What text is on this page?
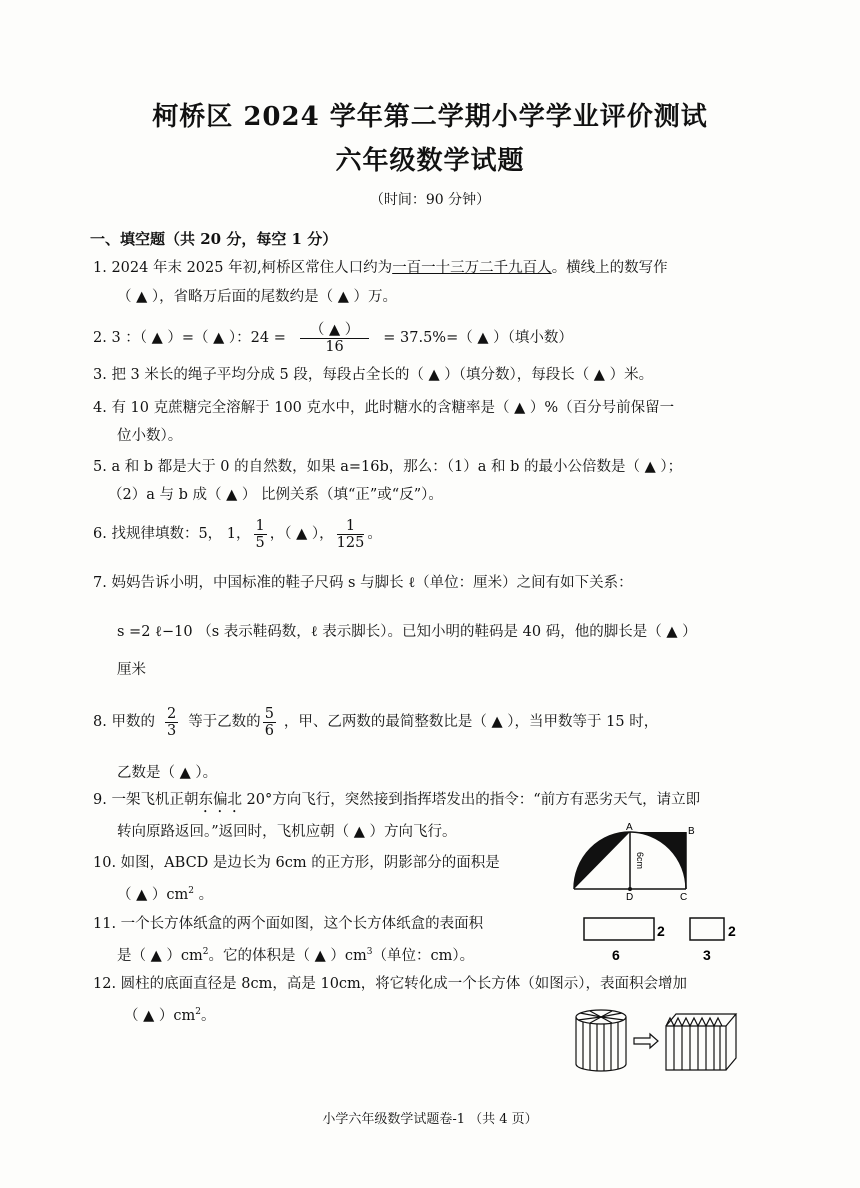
柯桥区 2024 学年第二学期小学学业评价测试
六年级数学试题
（时间：90 分钟）
一、填空题（共 20 分，每空 1 分）
1. 2024 年末 2025 年初,柯桥区常住人口约为一百一十三万二千九百人。横线上的数写作
（ ▲ ），省略万后面的尾数约是（ ▲ ）万。
2. 3 ：（ ▲ ）=（ ▲ ）：$24 = \frac{( ▲ )}{16} = 37.5\%=$（ ▲ ）（填小数）
3. 把 3 米长的绳子平均分成 5 段，每段占全长的（ ▲ ）（填分数），每段长（ ▲ ）米。
4. 有 10 克蔗糖完全溶解于 100 克水中，此时糖水的含糖率是（ ▲ ）%（百分号前保留一
位小数）。
5. a 和 b 都是大于 0 的自然数，如果 a=16b，那么：（1）a 和 b 的最小公倍数是（ ▲ ）；
（2）a 与 b 成（ ▲ ） 比例关系（填“正”或“反”）。
6. 找规律填数：5， 1， $\frac{1}{5}$ ，（ ▲ ）， $\frac{1}{125}$ 。
7. 妈妈告诉小明，中国标准的鞋子尺码 s 与脚长 ℓ（单位：厘米）之间有如下关系：
s =2 ℓ−10 （s 表示鞋码数，ℓ 表示脚长）。已知小明的鞋码是 40 码，他的脚长是（ ▲ ）
厘米
8. 甲数的 $\frac{2}{3}$ 等于乙数的 $\frac{5}{6}$ ，甲、乙两数的最简整数比是（ ▲ ），当甲数等于 15 时，
乙数是（ ▲ ）。
9. 一架飞机正朝东偏北 20°方向飞行，突然接到指挥塔发出的指令：“前方有恶劣天气，请立即
转向原路返回。”返回时，飞机应朝（ ▲ ）方向飞行。
10. 如图，ABCD 是边长为 6cm 的正方形，阴影部分的面积是
（ ▲ ）$cm^2$ 。
A	B
C
D
6cm
11. 一个长方体纸盒的两个面如图，这个长方体纸盒的表面积
是（ ▲ ）$cm^2$。它的体积是（ ▲ ）$cm^3$（单位：cm）。
2
6
2
3
12. 圆柱的底面直径是 8cm，高是 10cm，将它转化成一个长方体（如图示），表面积会增加
（ ▲ ）$cm^2$。
小学六年级数学试题卷-1 （共 4 页）
